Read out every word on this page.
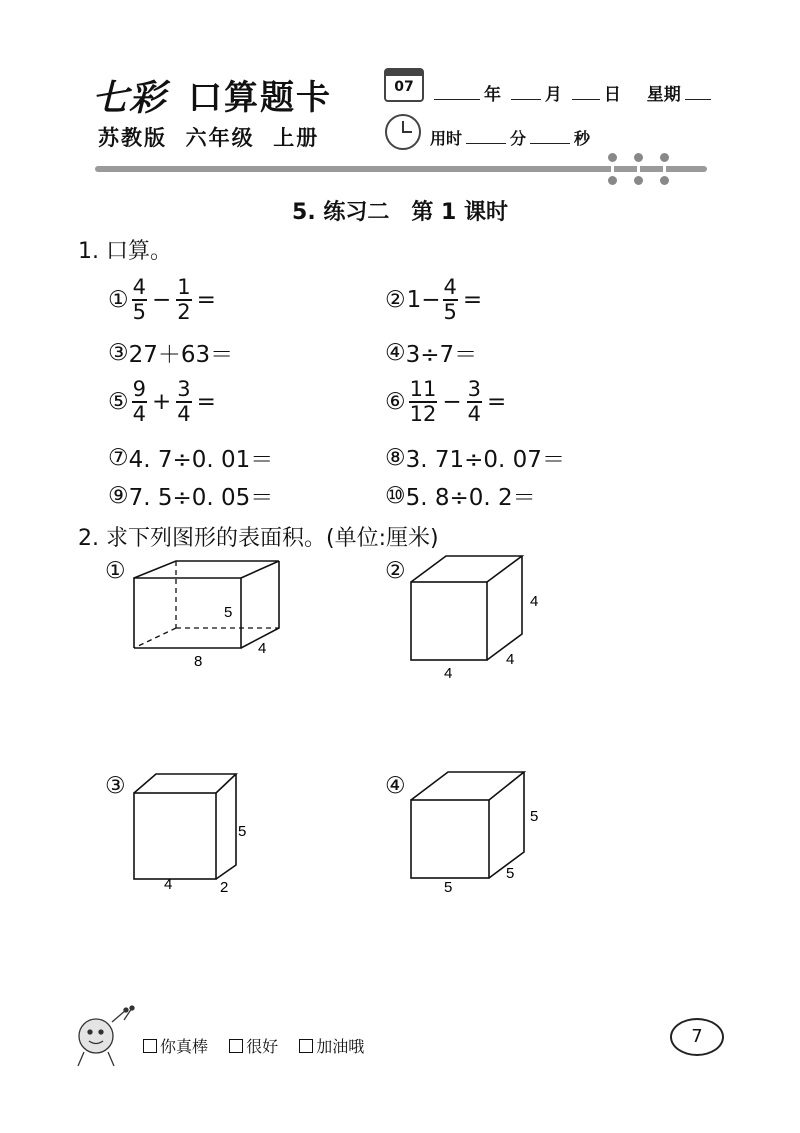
七彩 口算题卡
苏教版  六年级  上册
07	年	月 日 星期
用时	分	秒
5. 练习二　第 1 课时
1. 口算。
① $\frac{4}{5} - \frac{1}{2}$ =	② $1- \frac{4}{5}$ =
③ 27＋63＝	④ 3÷7＝
⑤ $\frac{9}{4} + \frac{3}{4}$ =	⑥ $\frac{11}{12} - \frac{3}{4}$ =
⑦ 4. 7÷0. 01＝	⑧ 3. 71÷0. 07＝
⑨ 7. 5÷0. 05＝	⑩ 5. 8÷0. 2＝
2. 求下列图形的表面积。(单位:厘米)
①
5
8
4
②
4
4
4
③
5
4	2
④
5
5
5
你真棒
很好
加油哦	7
